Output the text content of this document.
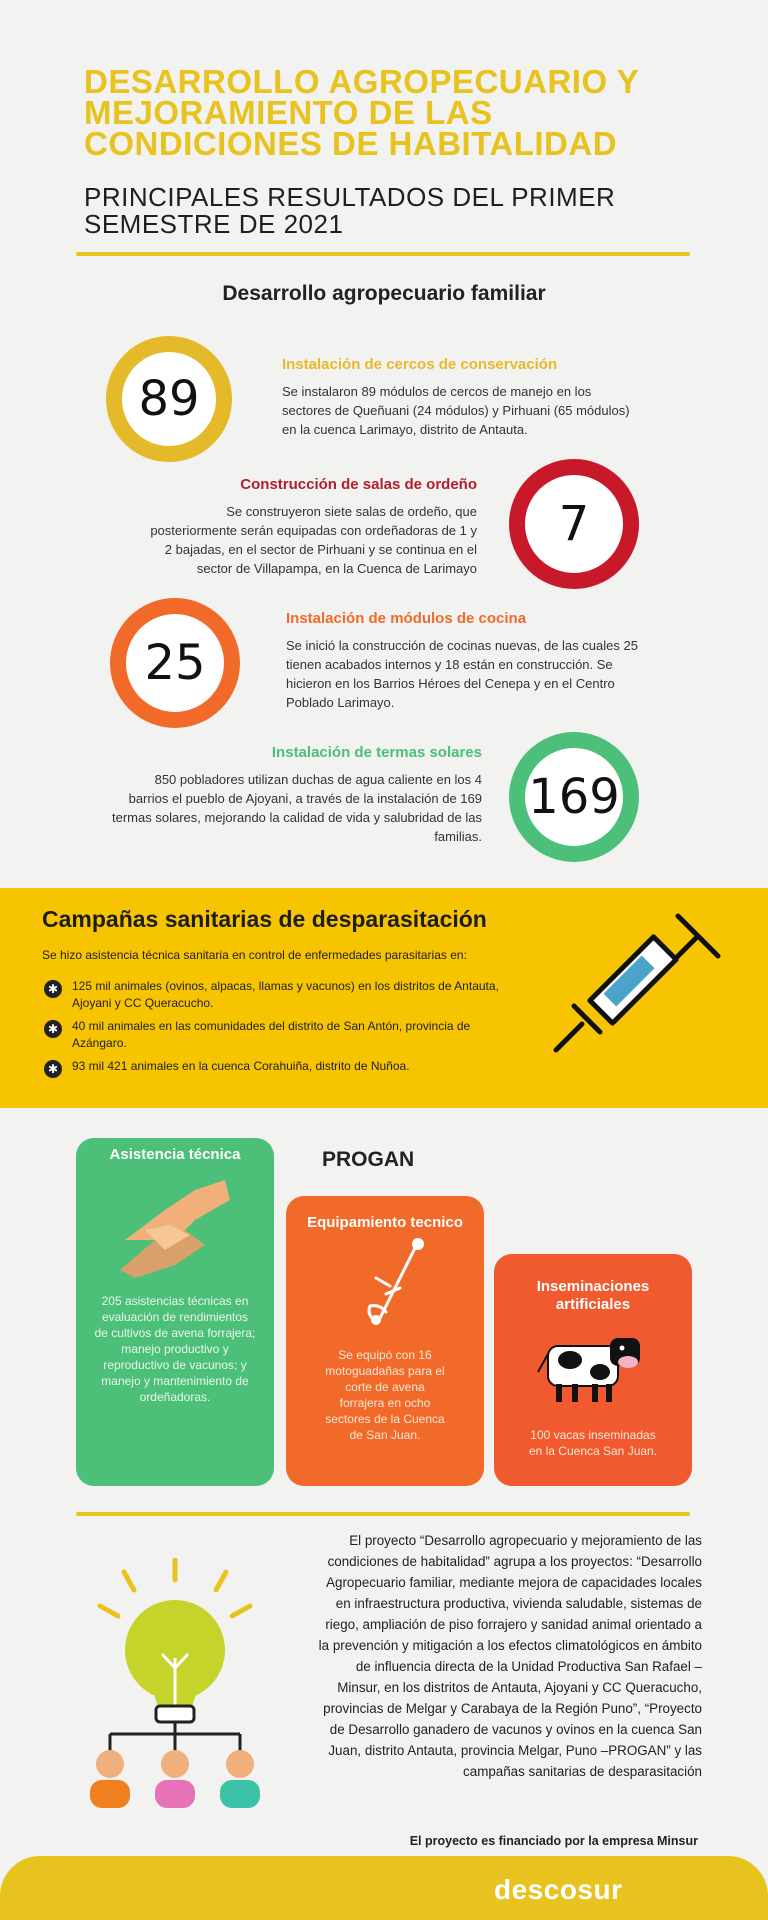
DESARROLLO AGROPECUARIO Y MEJORAMIENTO DE LAS CONDICIONES DE HABITALIDAD
PRINCIPALES RESULTADOS DEL PRIMER SEMESTRE DE 2021
Desarrollo agropecuario familiar
89
Instalación de cercos de conservación
Se instalaron 89 módulos de cercos de manejo en los sectores de Queñuani (24 módulos) y Pirhuani (65 módulos) en la cuenca Larimayo, distrito de Antauta.
Construcción de salas de ordeño
Se construyeron siete salas de ordeño, que posteriormente serán equipadas con ordeñadoras de 1 y 2 bajadas, en el sector de Pirhuani y se continua en el sector de Villapampa, en la Cuenca de Larimayo
7
25
Instalación de módulos de cocina
Se inició la construcción de cocinas nuevas, de las cuales 25 tienen acabados internos y 18 están en construcción. Se hicieron en los Barrios Héroes del Cenepa y en el Centro Poblado Larimayo.
Instalación de termas solares
850 pobladores utilizan duchas de agua caliente en los 4 barrios el pueblo de Ajoyani, a través de la instalación de 169 termas solares, mejorando la calidad de vida y salubridad de las familias.
169
Campañas sanitarias de desparasitación
Se hizo asistencia técnica sanitaria en control de enfermedades parasitarias en:
✱	125 mil animales (ovinos, alpacas, llamas y vacunos) en los distritos de Antauta, Ajoyani y CC Queracucho.
✱	40 mil animales en las comunidades del distrito de San Antón, provincia de Azángaro.
✱	93 mil 421 animales en la cuenca Corahuiña, distrito de Nuñoa.
Asistencia técnica
205 asistencias técnicas en evaluación de rendimientos de cultivos de avena forrajera; manejo productivo y reproductivo de vacunos; y manejo y mantenimiento de ordeñadoras.
PROGAN
Equipamiento tecnico
Se equipó con 16 motoguadañas para el corte de avena forrajera en ocho sectores de la Cuenca de San Juan.
Inseminaciones artificiales
100 vacas inseminadas en la Cuenca San Juan.
El proyecto “Desarrollo agropecuario y mejoramiento de las condiciones de habitalidad” agrupa a los proyectos: “Desarrollo Agropecuario familiar, mediante mejora de capacidades locales en infraestructura productiva, vivienda saludable, sistemas de riego, ampliación de piso forrajero y sanidad animal orientado a la prevención y mitigación a los efectos climatológicos en ámbito de influencia directa de la Unidad Productiva San Rafael – Minsur, en los distritos de Antauta, Ajoyani y CC Queracucho, provincias de Melgar y Carabaya de la Región Puno”, “Proyecto de Desarrollo ganadero de vacunos y ovinos en la cuenca San Juan, distrito Antauta, provincia Melgar, Puno –PROGAN” y las campañas sanitarias de desparasitación
El proyecto es financiado por la empresa Minsur
descosur
